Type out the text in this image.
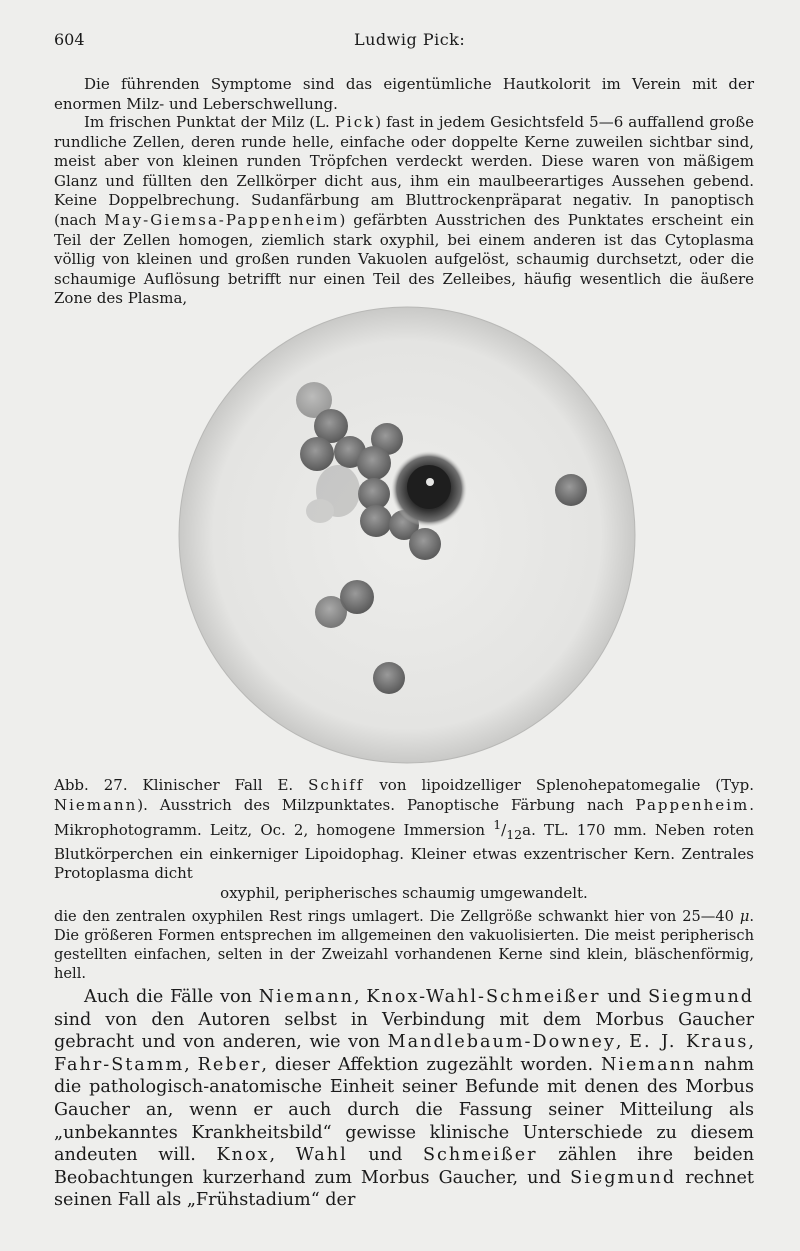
604	Ludwig Pick:

Die führenden Symptome sind das eigentümliche Hautkolorit im Verein mit der enormen Milz- und Leberschwellung.

Im frischen Punktat der Milz (L. Pick) fast in jedem Gesichtsfeld 5—6 auffallend große rundliche Zellen, deren runde helle, einfache oder doppelte Kerne zuweilen sichtbar sind, meist aber von kleinen runden Tröpfchen verdeckt werden. Diese waren von mäßigem Glanz und füllten den Zellkörper dicht aus, ihm ein maulbeerartiges Aussehen gebend. Keine Doppelbrechung. Sudanfärbung am Bluttrockenpräparat negativ. In panoptisch (nach May-Giemsa-Pappenheim) gefärbten Ausstrichen des Punktates erscheint ein Teil der Zellen homogen, ziemlich stark oxyphil, bei einem anderen ist das Cytoplasma völlig von kleinen und großen runden Vakuolen aufgelöst, schaumig durchsetzt, oder die schaumige Auflösung betrifft nur einen Teil des Zelleibes, häufig wesentlich die äußere Zone des Plasma,

Abb. 27. Klinischer Fall E. Schiff von lipoidzelliger Splenohepatomegalie (Typ. Niemann). Ausstrich des Milzpunktates. Panoptische Färbung nach Pappenheim. Mikrophotogramm. Leitz, Oc. 2, homogene Immersion $^1/_{12}a$. TL. 170 mm. Neben roten Blutkörperchen ein einkerniger Lipoidophag. Kleiner etwas exzentrischer Kern. Zentrales Protoplasma dicht
oxyphil, peripherisches schaumig umgewandelt.

die den zentralen oxyphilen Rest rings umlagert. Die Zellgröße schwankt hier von 25—40 μ. Die größeren Formen entsprechen im allgemeinen den vakuolisierten. Die meist peripherisch gestellten einfachen, selten in der Zweizahl vorhandenen Kerne sind klein, bläschenförmig, hell.

Auch die Fälle von Niemann, Knox-Wahl-Schmeißer und Siegmund sind von den Autoren selbst in Verbindung mit dem Morbus Gaucher gebracht und von anderen, wie von Mandlebaum-Downey, E. J. Kraus, Fahr-Stamm, Reber, dieser Affektion zugezählt worden. Niemann nahm die pathologisch-anatomische Einheit seiner Befunde mit denen des Morbus Gaucher an, wenn er auch durch die Fassung seiner Mitteilung als „unbekanntes Krankheitsbild“ gewisse klinische Unterschiede zu diesem andeuten will. Knox, Wahl und Schmeißer zählen ihre beiden Beobachtungen kurzerhand zum Morbus Gaucher, und Siegmund rechnet seinen Fall als „Frühstadium“ der
